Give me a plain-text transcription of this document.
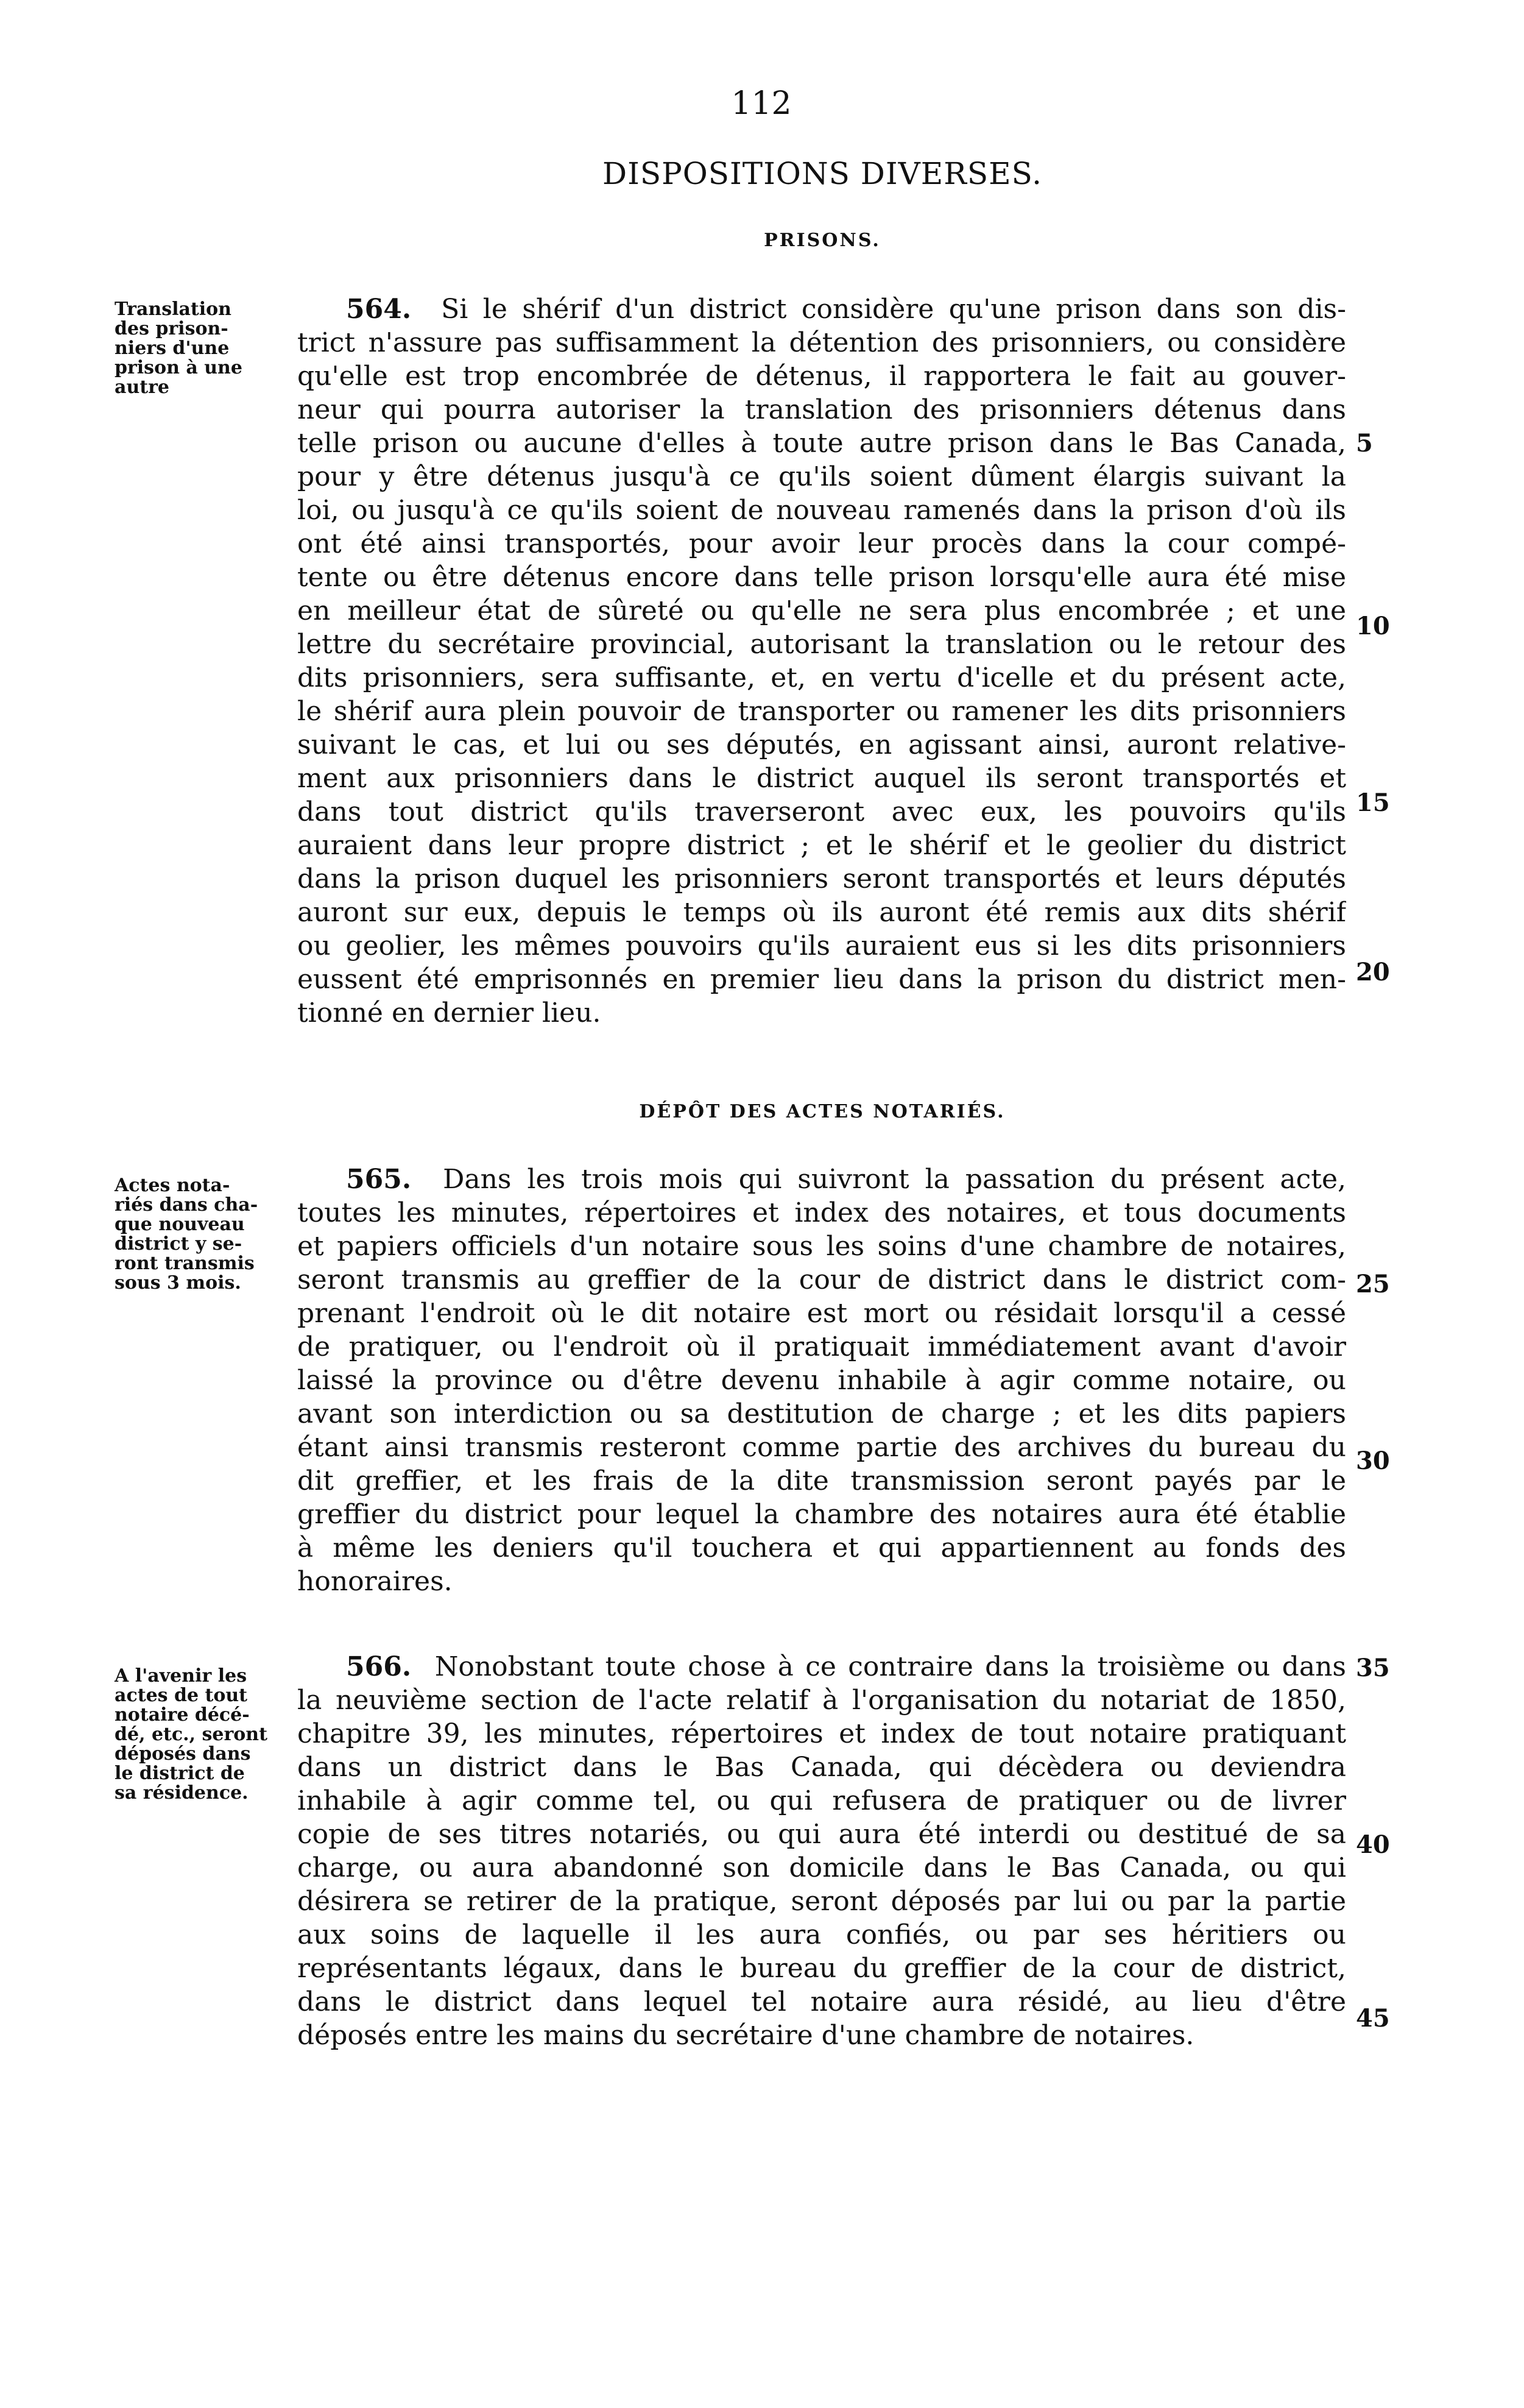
112
DISPOSITIONS DIVERSES.
PRISONS.
Translation
des prison-
niers d'une
prison à une
autre
564. Si le shérif d'un district considère qu'une prison dans son dis-
trict n'assure pas suffisamment la détention des prisonniers, ou considère
qu'elle est trop encombrée de détenus, il rapportera le fait au gouver-
neur qui pourra autoriser la translation des prisonniers détenus dans
telle prison ou aucune d'elles à toute autre prison dans le Bas Canada,
pour y être détenus jusqu'à ce qu'ils soient dûment élargis suivant la
loi, ou jusqu'à ce qu'ils soient de nouveau ramenés dans la prison d'où ils
ont été ainsi transportés, pour avoir leur procès dans la cour compé-
tente ou être détenus encore dans telle prison lorsqu'elle aura été mise
en meilleur état de sûreté ou qu'elle ne sera plus encombrée ; et une
lettre du secrétaire provincial, autorisant la translation ou le retour des
dits prisonniers, sera suffisante, et, en vertu d'icelle et du présent acte,
le shérif aura plein pouvoir de transporter ou ramener les dits prisonniers
suivant le cas, et lui ou ses députés, en agissant ainsi, auront relative-
ment aux prisonniers dans le district auquel ils seront transportés et
dans tout district qu'ils traverseront avec eux, les pouvoirs qu'ils
auraient dans leur propre district ; et le shérif et le geolier du district
dans la prison duquel les prisonniers seront transportés et leurs députés
auront sur eux, depuis le temps où ils auront été remis aux dits shérif
ou geolier, les mêmes pouvoirs qu'ils auraient eus si les dits prisonniers
eussent été emprisonnés en premier lieu dans la prison du district men-
tionné en dernier lieu.
DÉPÔT DES ACTES NOTARIÉS.
Actes nota-
riés dans cha-
que nouveau
district y se-
ront transmis
sous 3 mois.
565. Dans les trois mois qui suivront la passation du présent acte,
toutes les minutes, répertoires et index des notaires, et tous documents
et papiers officiels d'un notaire sous les soins d'une chambre de notaires,
seront transmis au greffier de la cour de district dans le district com-
prenant l'endroit où le dit notaire est mort ou résidait lorsqu'il a cessé
de pratiquer, ou l'endroit où il pratiquait immédiatement avant d'avoir
laissé la province ou d'être devenu inhabile à agir comme notaire, ou
avant son interdiction ou sa destitution de charge ; et les dits papiers
étant ainsi transmis resteront comme partie des archives du bureau du
dit greffier, et les frais de la dite transmission seront payés par le
greffier du district pour lequel la chambre des notaires aura été établie
à même les deniers qu'il touchera et qui appartiennent au fonds des
honoraires.
A l'avenir les
actes de tout
notaire décé-
dé, etc., seront
déposés dans
le district de
sa résidence.
566. Nonobstant toute chose à ce contraire dans la troisième ou dans
la neuvième section de l'acte relatif à l'organisation du notariat de 1850,
chapitre 39, les minutes, répertoires et index de tout notaire pratiquant
dans un district dans le Bas Canada, qui décèdera ou deviendra
inhabile à agir comme tel, ou qui refusera de pratiquer ou de livrer
copie de ses titres notariés, ou qui aura été interdi ou destitué de sa
charge, ou aura abandonné son domicile dans le Bas Canada, ou qui
désirera se retirer de la pratique, seront déposés par lui ou par la partie
aux soins de laquelle il les aura confiés, ou par ses héritiers ou
représentants légaux, dans le bureau du greffier de la cour de district,
dans le district dans lequel tel notaire aura résidé, au lieu d'être
déposés entre les mains du secrétaire d'une chambre de notaires.
5
10
15
20
25
30
35
40
45
